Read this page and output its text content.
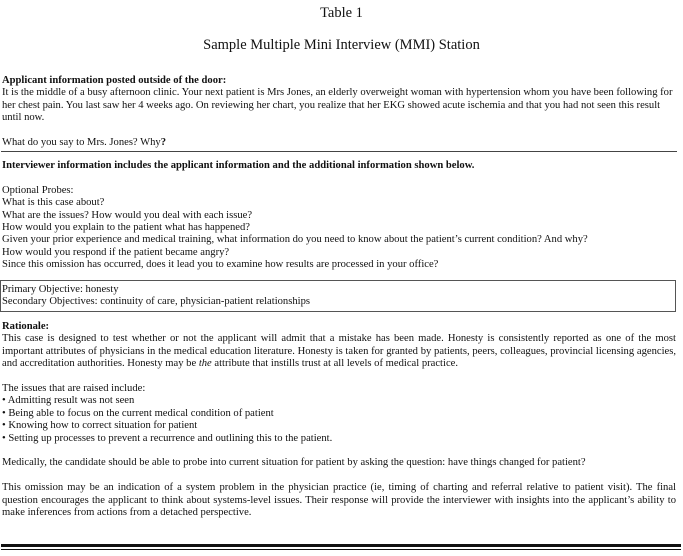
Table 1
Sample Multiple Mini Interview (MMI) Station

Applicant information posted outside of the door:

It is the middle of a busy afternoon clinic. Your next patient is Mrs Jones, an elderly overweight woman with hypertension whom you have been following for her chest pain. You last saw her 4 weeks ago. On reviewing her chart, you realize that her EKG showed acute ischemia and that you had not seen this result until now.

What do you say to Mrs. Jones? Why?

Interviewer information includes the applicant information and the additional information shown below.

Optional Probes:

What is this case about?

What are the issues? How would you deal with each issue?

How would you explain to the patient what has happened?

Given your prior experience and medical training, what information do you need to know about the patient’s current condition? And why?

How would you respond if the patient became angry?

Since this omission has occurred, does it lead you to examine how results are processed in your office?

Primary Objective: honesty

Secondary Objectives: continuity of care, physician-patient relationships

Rationale:

This case is designed to test whether or not the applicant will admit that a mistake has been made. Honesty is consistently reported as one of the most important attributes of physicians in the medical education literature. Honesty is taken for granted by patients, peers, colleagues, provincial licensing agencies, and accreditation authorities. Honesty may be the attribute that instills trust at all levels of medical practice.

The issues that are raised include:

• Admitting result was not seen

• Being able to focus on the current medical condition of patient

• Knowing how to correct situation for patient

• Setting up processes to prevent a recurrence and outlining this to the patient.

Medically, the candidate should be able to probe into current situation for patient by asking the question: have things changed for patient?

This omission may be an indication of a system problem in the physician practice (ie, timing of charting and referral relative to patient visit). The final question encourages the applicant to think about systems-level issues. Their response will provide the interviewer with insights into the applicant’s ability to make inferences from actions from a detached perspective.
